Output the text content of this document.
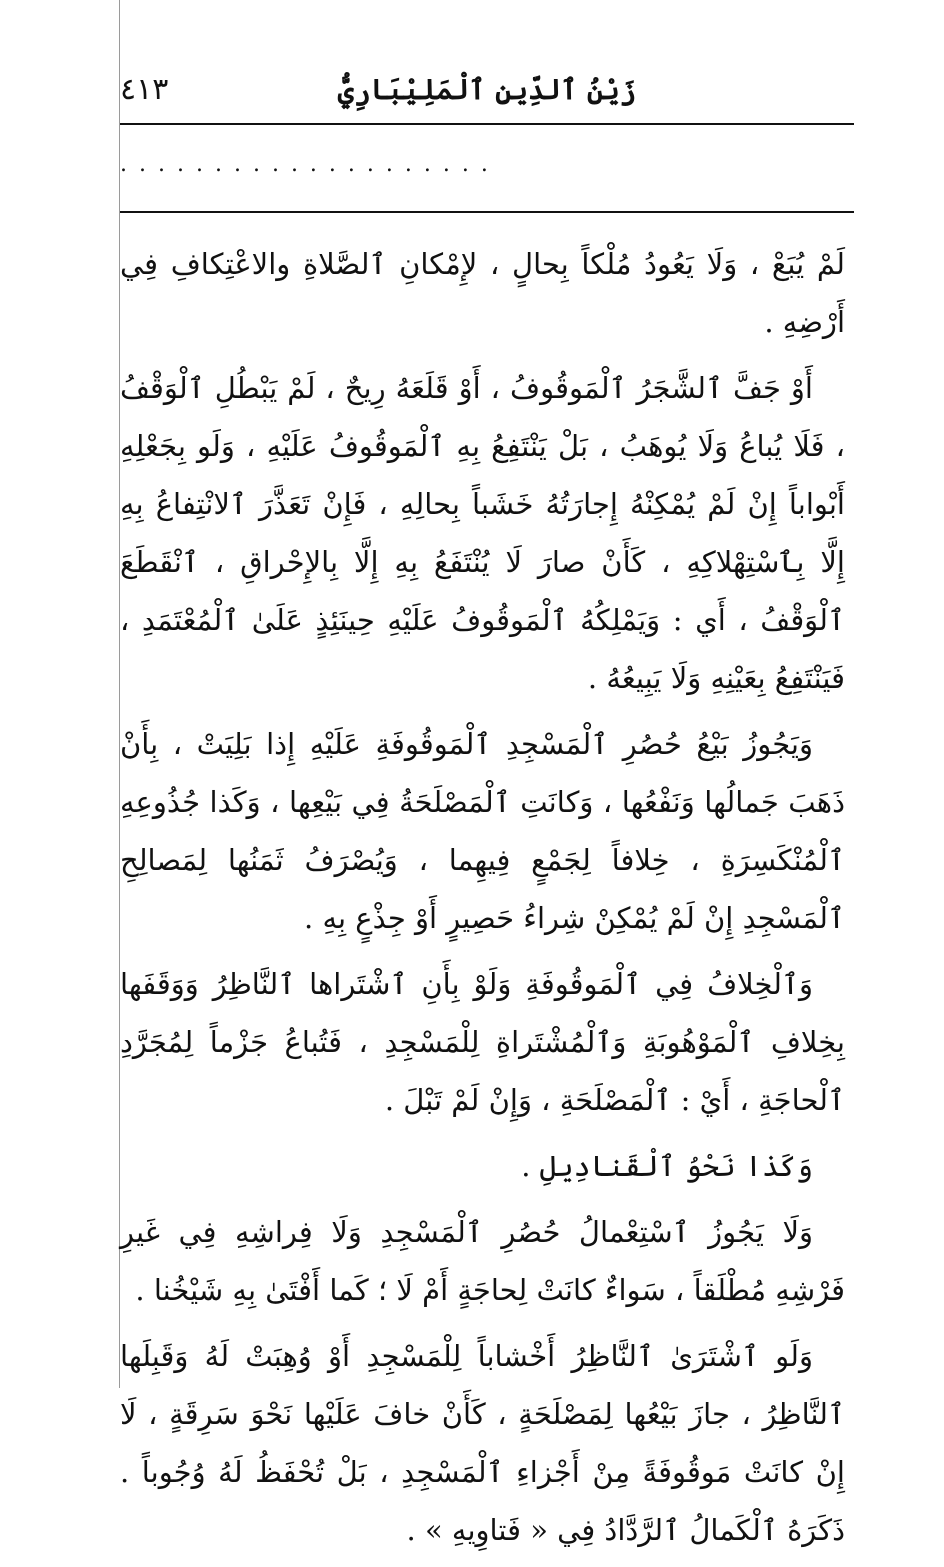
زَيْنُ ٱلدِّينِ ٱلْمَلِيْبَارِيُّ
٤١٣
....................

لَمْ يُبَعْ ، وَلَا يَعُودُ مُلْكاً بِحالٍ ، لإِمْكانِ ٱلصَّلاةِ والاعْتِكافِ فِي أَرْضِهِ .

أَوْ جَفَّ ٱلشَّجَرُ ٱلْمَوقُوفُ ، أَوْ قَلَعَهُ رِيحٌ ، لَمْ يَبْطُلِ ٱلْوَقْفُ ، فَلَا يُباعُ وَلَا يُوهَبُ ، بَلْ يَنْتَفِعُ بِهِ ٱلْمَوقُوفُ عَلَيْهِ ، وَلَو بِجَعْلِهِ أَبْواباً إِنْ لَمْ يُمْكِنْهُ إِجارَتُهُ خَشَباً بِحالِهِ ، فَإِنْ تَعَذَّرَ ٱلانْتِفاعُ بِهِ إِلَّا بِٱسْتِهْلاكِهِ ، كَأَنْ صارَ لَا يُنْتَفَعُ بِهِ إِلَّا بِالإِحْراقِ ، ٱنْقَطَعَ ٱلْوَقْفُ ، أَي : وَيَمْلِكُهُ ٱلْمَوقُوفُ عَلَيْهِ حِينَئِذٍ عَلَىٰ ٱلْمُعْتَمَدِ ، فَيَنْتَفِعُ بِعَيْنِهِ وَلَا يَبِيعُهُ .

وَيَجُوزُ بَيْعُ حُصُرِ ٱلْمَسْجِدِ ٱلْمَوقُوفَةِ عَلَيْهِ إِذا بَلِيَتْ ، بِأَنْ ذَهَبَ جَمالُها وَنَفْعُها ، وَكانَتِ ٱلْمَصْلَحَةُ فِي بَيْعِها ، وَكَذا جُذُوعِهِ ٱلْمُنْكَسِرَةِ ، خِلافاً لِجَمْعٍ فِيهِما ، وَيُصْرَفُ ثَمَنُها لِمَصالِحِ ٱلْمَسْجِدِ إِنْ لَمْ يُمْكِنْ شِراءُ حَصِيرٍ أَوْ جِذْعٍ بِهِ .

وَٱلْخِلافُ فِي ٱلْمَوقُوفَةِ وَلَوْ بِأَنِ ٱشْتَراها ٱلنَّاظِرُ وَوَقَفَها بِخِلافِ ٱلْمَوْهُوبَةِ وَٱلْمُشْتَراةِ لِلْمَسْجِدِ ، فَتُباعُ جَزْماً لِمُجَرَّدِ ٱلْحاجَةِ ، أَيْ : ٱلْمَصْلَحَةِ ، وَإِنْ لَمْ تَبْلَ .

وَكَذا نَحْوُ ٱلْقَنادِيلِ .

وَلَا يَجُوزُ ٱسْتِعْمالُ حُصُرِ ٱلْمَسْجِدِ وَلَا فِراشِهِ فِي غَيرِ فَرْشِهِ مُطْلَقاً ، سَواءٌ كانَتْ لِحاجَةٍ أَمْ لَا ؛ كَما أَفْتَىٰ بِهِ شَيْخُنا .

وَلَو ٱشْتَرَىٰ ٱلنَّاظِرُ أَخْشاباً لِلْمَسْجِدِ أَوْ وُهِبَتْ لَهُ وَقَبِلَها ٱلنَّاظِرُ ، جازَ بَيْعُها لِمَصْلَحَةٍ ، كَأَنْ خافَ عَلَيْها نَحْوَ سَرِقَةٍ ، لَا إِنْ كانَتْ مَوقُوفَةً مِنْ أَجْزاءِ ٱلْمَسْجِدِ ، بَلْ تُحْفَظُ لَهُ وُجُوباً . ذَكَرَهُ ٱلْكَمالُ ٱلرَّدَّادُ فِي « فَتاوِيهِ » .
